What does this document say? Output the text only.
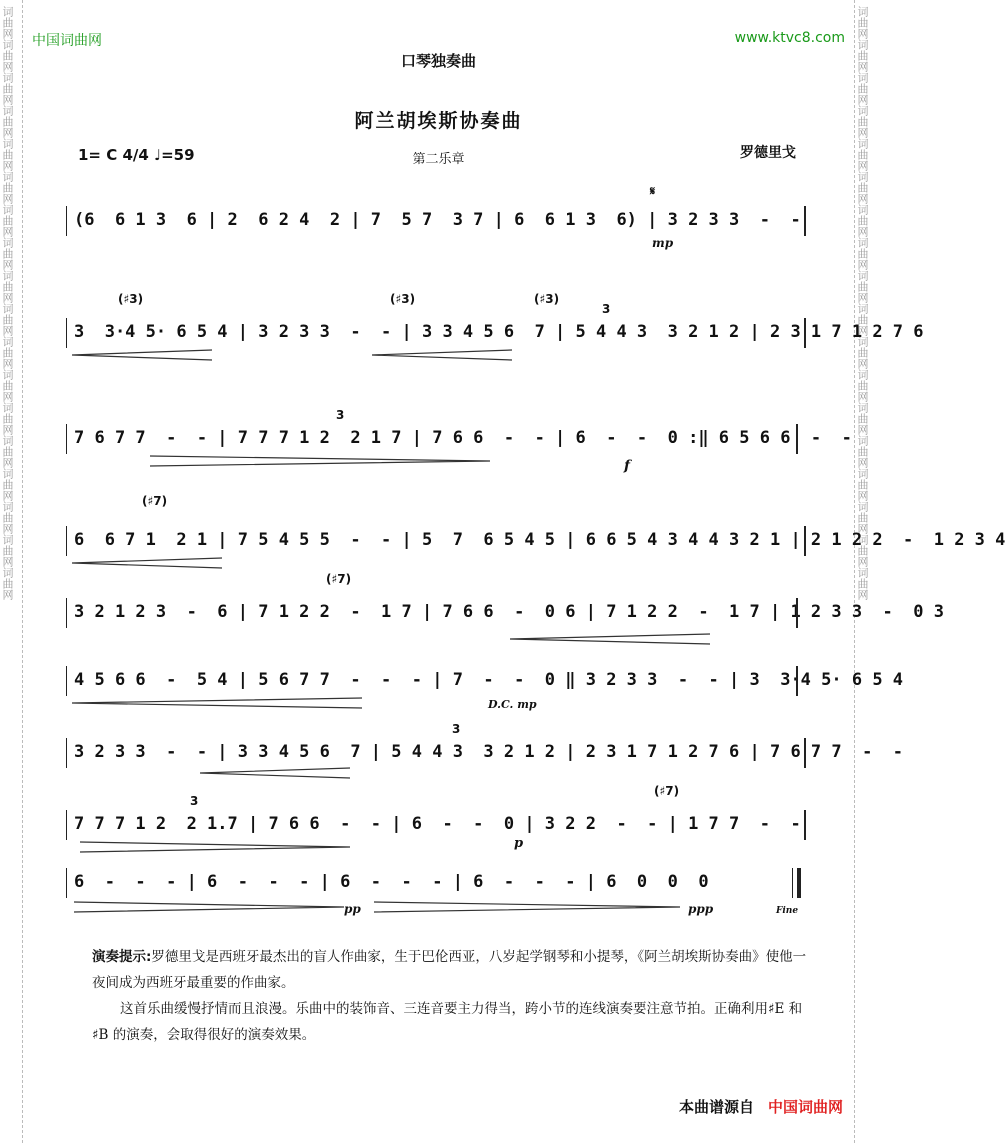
词曲网词曲网词曲网词曲网词曲网词曲网词曲网词曲网词曲网词曲网词曲网词曲网词曲网词曲网词曲网词曲网词曲网词曲网	词曲网词曲网词曲网词曲网词曲网词曲网词曲网词曲网词曲网词曲网词曲网词曲网词曲网词曲网词曲网词曲网词曲网词曲网
中国词曲网	www.ktvc8.com
口琴独奏曲
阿兰胡埃斯协奏曲
1= C 4/4 ♩=59	第二乐章	罗德里戈
(6  6 1 3  6 | 2  6 2 4  2 | 7  5 7  3 7 | 6  6 1 3  6) | 3 2 3 3  -  -
𝄋
mp
3  3·4 5· 6 5 4 | 3 2 3 3  -  - | 3 3 4 5 6  7 | 5 4 4 3  3 2 1 2 | 2 3 1 7 1 2 7 6
(♯3)	(♯3)	(♯3)
3
7 6 7 7  -  - | 7 7 7 1 2  2 1 7 | 7 6 6  -  - | 6  -  -  0 :‖ 6 5 6 6  -  -
3
f
6  6 7 1  2 1 | 7 5 4 5 5  -  - | 5  7  6 5 4 5 | 6 6 5 4 3 4 4 3 2 1 | 2 1 2 2  -  1 2 3 4
(♯7)
3 2 1 2 3  -  6 | 7 1 2 2  -  1 7 | 7 6 6  -  0 6 | 7 1 2 2  -  1 7 | 1 2 3 3  -  0 3
(♯7)
4 5 6 6  -  5 4 | 5 6 7 7  -  -  - | 7  -  -  0 ‖ 3 2 3 3  -  - | 3  3·4 5· 6 5 4
D.C. mp
3 2 3 3  -  - | 3 3 4 5 6  7 | 5 4 4 3  3 2 1 2 | 2 3 1 7 1 2 7 6 | 7 6 7 7  -  -
3
7 7 7 1 2  2 1.7 | 7 6 6  -  - | 6  -  -  0 | 3 2 2  -  - | 1 7 7  -  -
3
(♯7)
p
6  -  -  - | 6  -  -  - | 6  -  -  - | 6  -  -  - | 6  0  0  0
pp	ppp	Fine

演奏提示:罗德里戈是西班牙最杰出的盲人作曲家，生于巴伦西亚，八岁起学钢琴和小提琴，《阿兰胡埃斯协奏曲》使他一夜间成为西班牙最重要的作曲家。

这首乐曲缓慢抒情而且浪漫。乐曲中的装饰音、三连音要主力得当，跨小节的连线演奏要注意节拍。正确利用♯E 和♯B 的演奏，会取得很好的演奏效果。

本曲谱源自 中国词曲网
